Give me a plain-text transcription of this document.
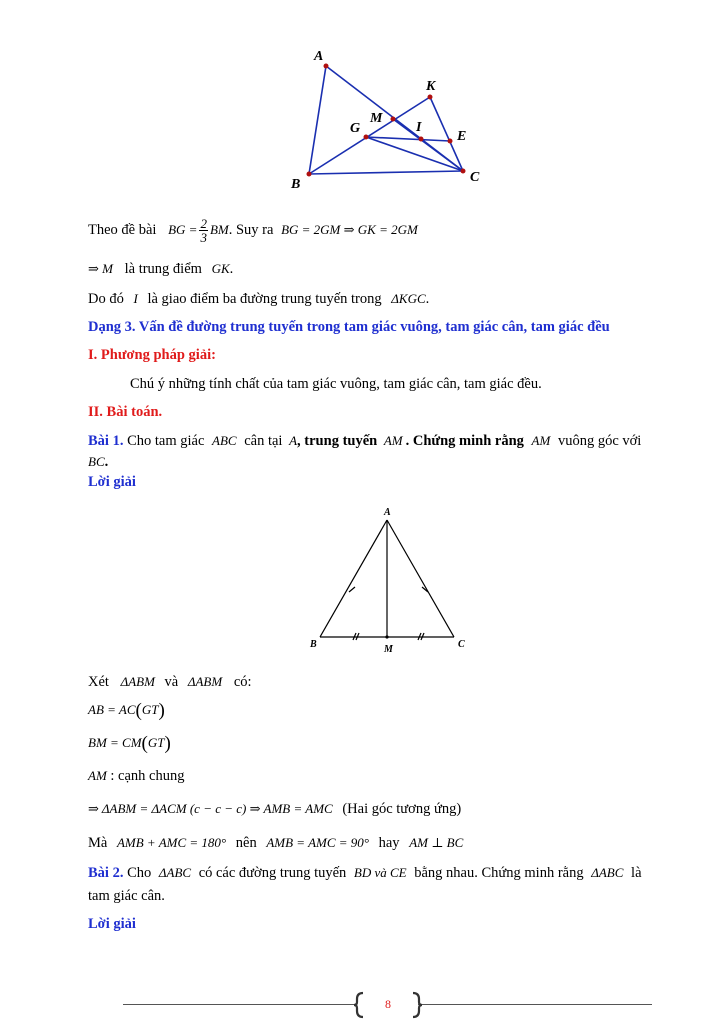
A
B	C
K
M
G	I
E
Theo đề bài BG = $\frac{2}{3}$ BM. Suy ra BG = 2GM ⇒ GK = 2GM
⇒ M là trung điểm GK.
Do đó I là giao điểm ba đường trung tuyến trong ΔKGC.
Dạng 3. Vấn đề đường trung tuyến trong tam giác vuông, tam giác cân, tam giác đều
I. Phương pháp giải:
Chú ý những tính chất của tam giác vuông, tam giác cân, tam giác đều.
II. Bài toán.
Bài 1. Cho tam giác ABC cân tại A, trung tuyến AM . Chứng minh rằng AM vuông góc với
BC.
Lời giải
A
B	C
M
Xét ΔABM và ΔABM có:
AB = AC(GT)
BM = CM(GT)
AM : cạnh chung
⇒ ΔABM = ΔACM (c − c − c) ⇒ AMB = AMC (Hai góc tương ứng)
Mà AMB + AMC = 180° nên AMB = AMC = 90° hay AM ⊥ BC
Bài 2. Cho ΔABC có các đường trung tuyến BD và CE bằng nhau. Chứng minh rằng ΔABC là
tam giác cân.
Lời giải
8
